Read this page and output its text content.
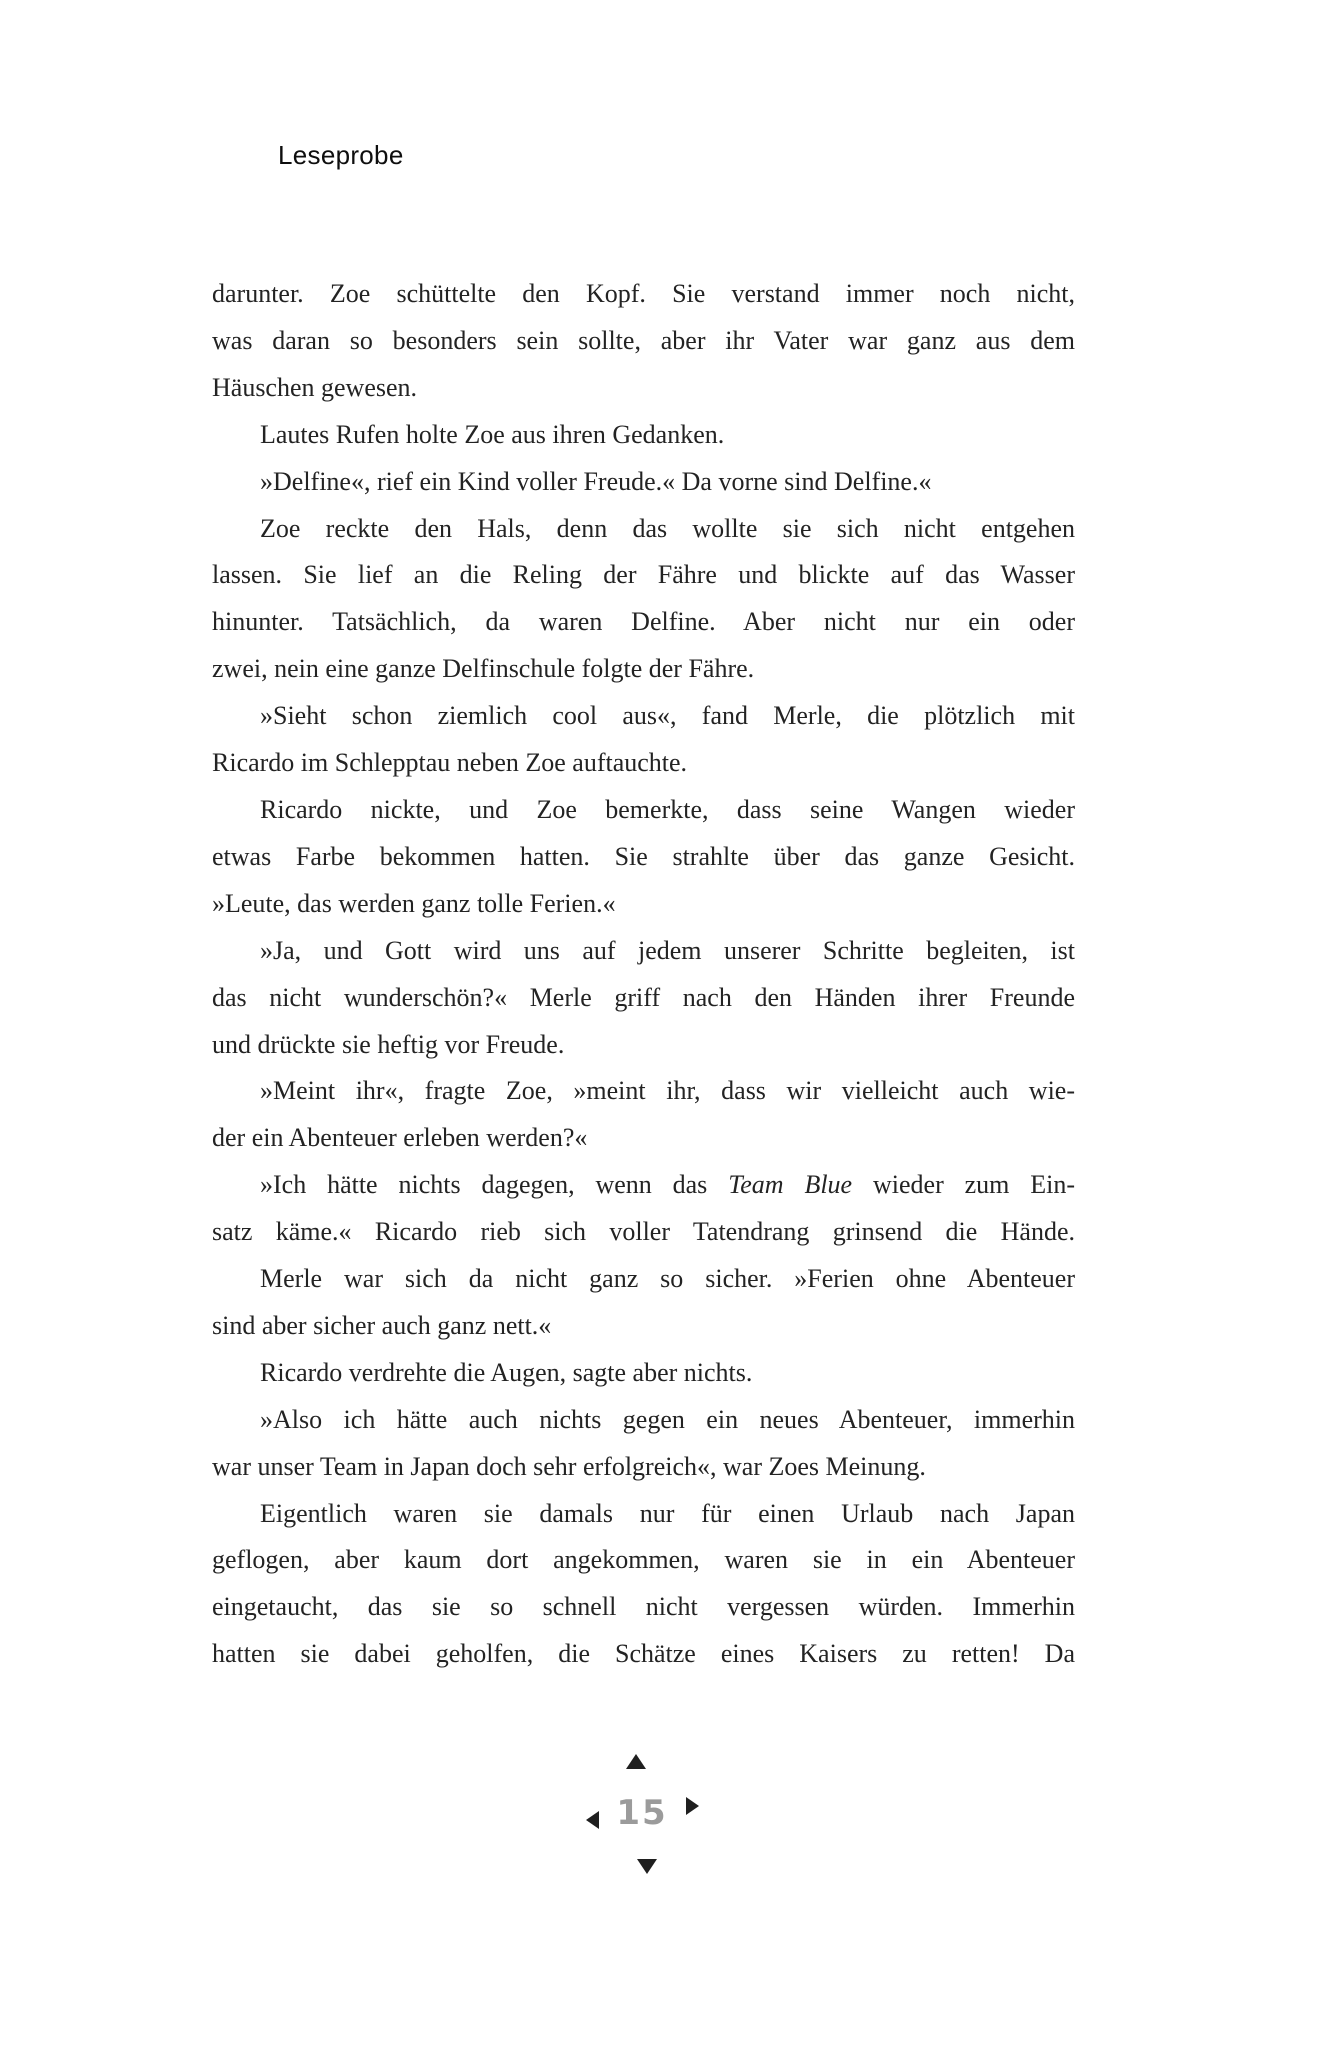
Leseprobe
darunter. Zoe schüttelte den Kopf. Sie verstand immer noch nicht,
was daran so besonders sein sollte, aber ihr Vater war ganz aus dem
Häuschen gewesen.
Lautes Rufen holte Zoe aus ihren Gedanken.
»Delfine«, rief ein Kind voller Freude.« Da vorne sind Delfine.«
Zoe reckte den Hals, denn das wollte sie sich nicht entgehen
lassen. Sie lief an die Reling der Fähre und blickte auf das Wasser
hinunter. Tatsächlich, da waren Delfine. Aber nicht nur ein oder
zwei, nein eine ganze Delfinschule folgte der Fähre.
»Sieht schon ziemlich cool aus«, fand Merle, die plötzlich mit
Ricardo im Schlepptau neben Zoe auftauchte.
Ricardo nickte, und Zoe bemerkte, dass seine Wangen wieder
etwas Farbe bekommen hatten. Sie strahlte über das ganze Gesicht.
»Leute, das werden ganz tolle Ferien.«
»Ja, und Gott wird uns auf jedem unserer Schritte begleiten, ist
das nicht wunderschön?« Merle griff nach den Händen ihrer Freunde
und drückte sie heftig vor Freude.
»Meint ihr«, fragte Zoe, »meint ihr, dass wir vielleicht auch wie-
der ein Abenteuer erleben werden?«
»Ich hätte nichts dagegen, wenn das Team Blue wieder zum Ein-
satz käme.« Ricardo rieb sich voller Tatendrang grinsend die Hände.
Merle war sich da nicht ganz so sicher. »Ferien ohne Abenteuer
sind aber sicher auch ganz nett.«
Ricardo verdrehte die Augen, sagte aber nichts.
»Also ich hätte auch nichts gegen ein neues Abenteuer, immerhin
war unser Team in Japan doch sehr erfolgreich«, war Zoes Meinung.
Eigentlich waren sie damals nur für einen Urlaub nach Japan
geflogen, aber kaum dort angekommen, waren sie in ein Abenteuer
eingetaucht, das sie so schnell nicht vergessen würden. Immerhin
hatten sie dabei geholfen, die Schätze eines Kaisers zu retten! Da
15
